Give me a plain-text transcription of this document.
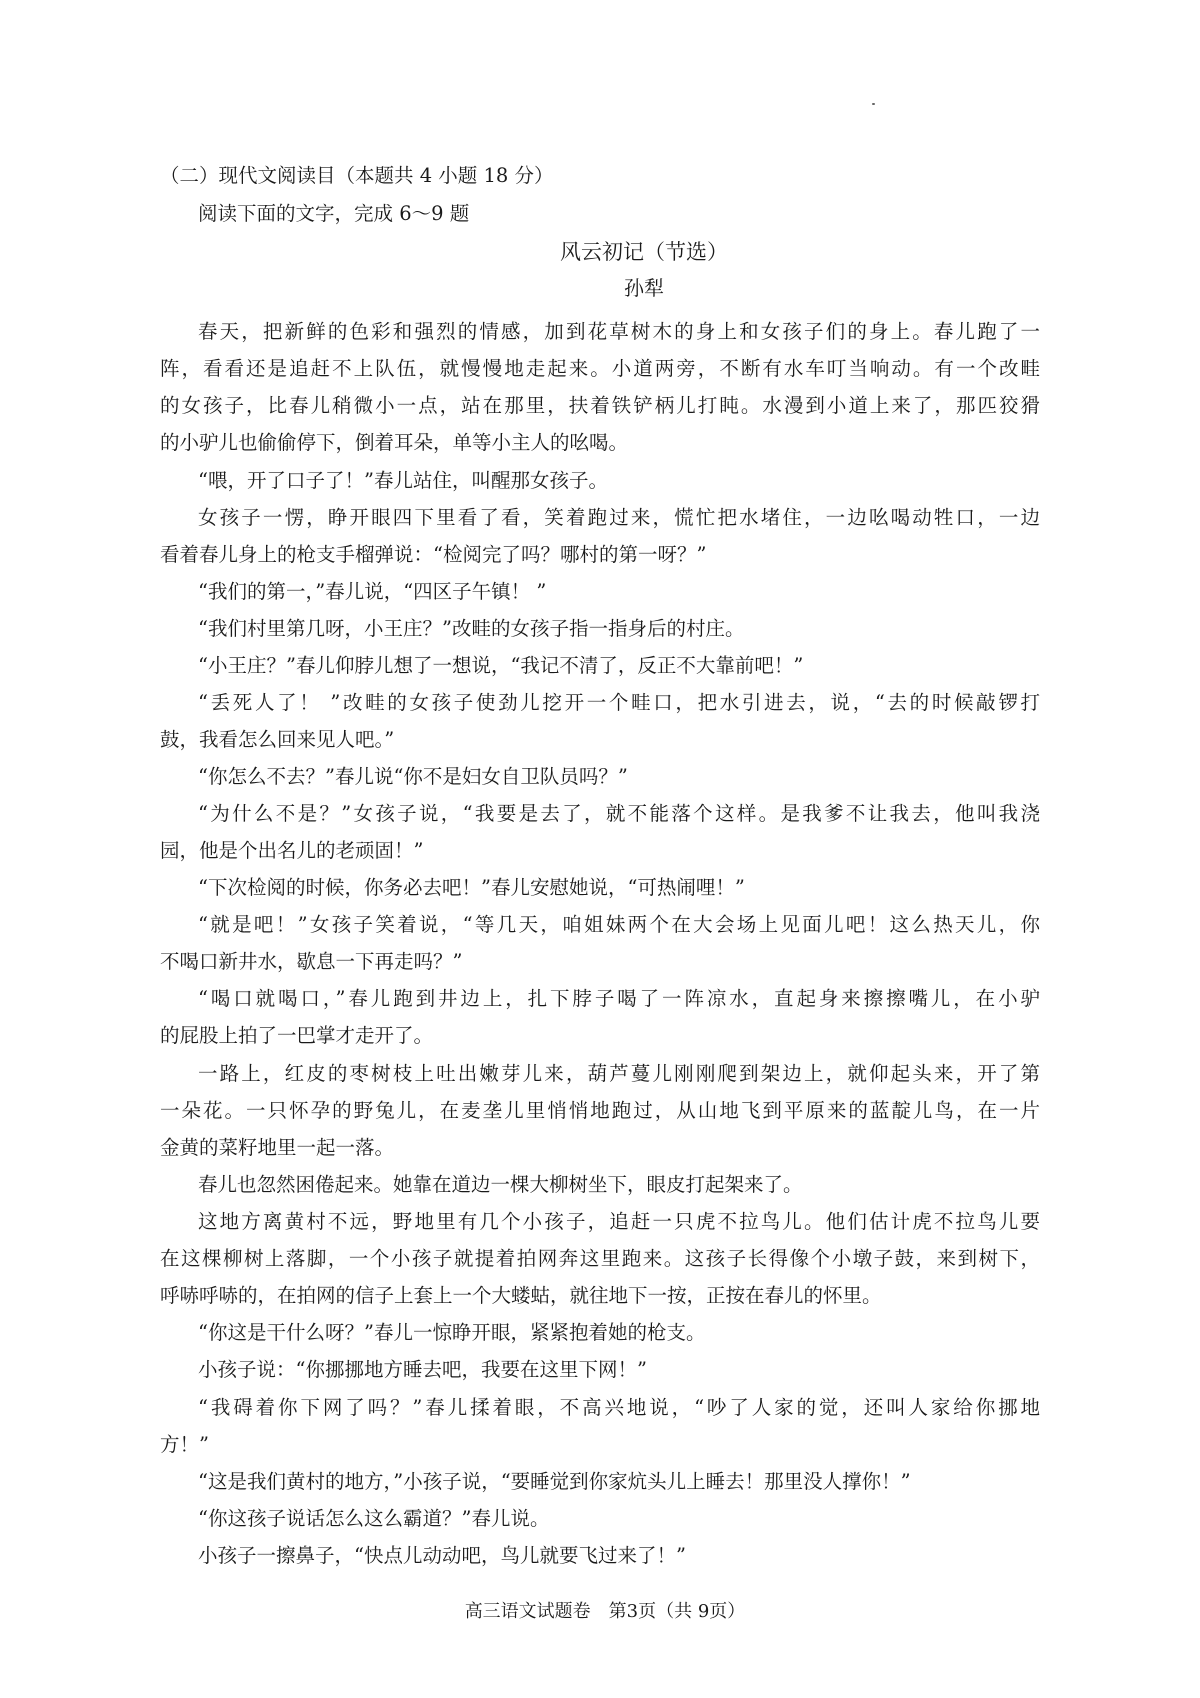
（二）现代文阅读目（本题共 4 小题 18 分）
阅读下面的文字，完成 6～9 题
风云初记（节选）
孙犁
春天，把新鲜的色彩和强烈的情感，加到花草树木的身上和女孩子们的身上。春儿跑了一
阵，看看还是追赶不上队伍，就慢慢地走起来。小道两旁，不断有水车叮当响动。有一个改畦
的女孩子，比春儿稍微小一点，站在那里，扶着铁铲柄儿打盹。水漫到小道上来了，那匹狡猾
的小驴儿也偷偷停下，倒着耳朵，单等小主人的吆喝。
“喂，开了口子了！”春儿站住，叫醒那女孩子。
女孩子一愣，睁开眼四下里看了看，笑着跑过来，慌忙把水堵住，一边吆喝动牲口，一边
看着春儿身上的枪支手榴弹说：“检阅完了吗？哪村的第一呀？”
“我们的第一，”春儿说，“四区子午镇！ ”
“我们村里第几呀，小王庄？”改畦的女孩子指一指身后的村庄。
“小王庄？”春儿仰脖儿想了一想说，“我记不清了，反正不大靠前吧！”
“丢死人了！ ”改畦的女孩子使劲儿挖开一个畦口，把水引进去，说，“去的时候敲锣打
鼓，我看怎么回来见人吧。”
“你怎么不去？”春儿说“你不是妇女自卫队员吗？”
“为什么不是？”女孩子说，“我要是去了，就不能落个这样。是我爹不让我去，他叫我浇
园，他是个出名儿的老顽固！”
“下次检阅的时候，你务必去吧！”春儿安慰她说，“可热闹哩！”
“就是吧！”女孩子笑着说，“等几天，咱姐妹两个在大会场上见面儿吧！这么热天儿，你
不喝口新井水，歇息一下再走吗？”
“喝口就喝口，”春儿跑到井边上，扎下脖子喝了一阵凉水，直起身来擦擦嘴儿，在小驴
的屁股上拍了一巴掌才走开了。
一路上，红皮的枣树枝上吐出嫩芽儿来，葫芦蔓儿刚刚爬到架边上，就仰起头来，开了第
一朵花。一只怀孕的野兔儿，在麦垄儿里悄悄地跑过，从山地飞到平原来的蓝靛儿鸟，在一片
金黄的菜籽地里一起一落。
春儿也忽然困倦起来。她靠在道边一棵大柳树坐下，眼皮打起架来了。
这地方离黄村不远，野地里有几个小孩子，追赶一只虎不拉鸟儿。他们估计虎不拉鸟儿要
在这棵柳树上落脚，一个小孩子就提着拍网奔这里跑来。这孩子长得像个小墩子鼓，来到树下，
呼哧呼哧的，在拍网的信子上套上一个大蝼蛄，就往地下一按，正按在春儿的怀里。
“你这是干什么呀？”春儿一惊睁开眼，紧紧抱着她的枪支。
小孩子说：“你挪挪地方睡去吧，我要在这里下网！”
“我碍着你下网了吗？”春儿揉着眼，不高兴地说，“吵了人家的觉，还叫人家给你挪地
方！”
“这是我们黄村的地方，”小孩子说，“要睡觉到你家炕头儿上睡去！那里没人撑你！”
“你这孩子说话怎么这么霸道？”春儿说。
小孩子一擦鼻子，“快点儿动动吧，鸟儿就要飞过来了！”
高三语文试题卷　第3页（共 9页）
